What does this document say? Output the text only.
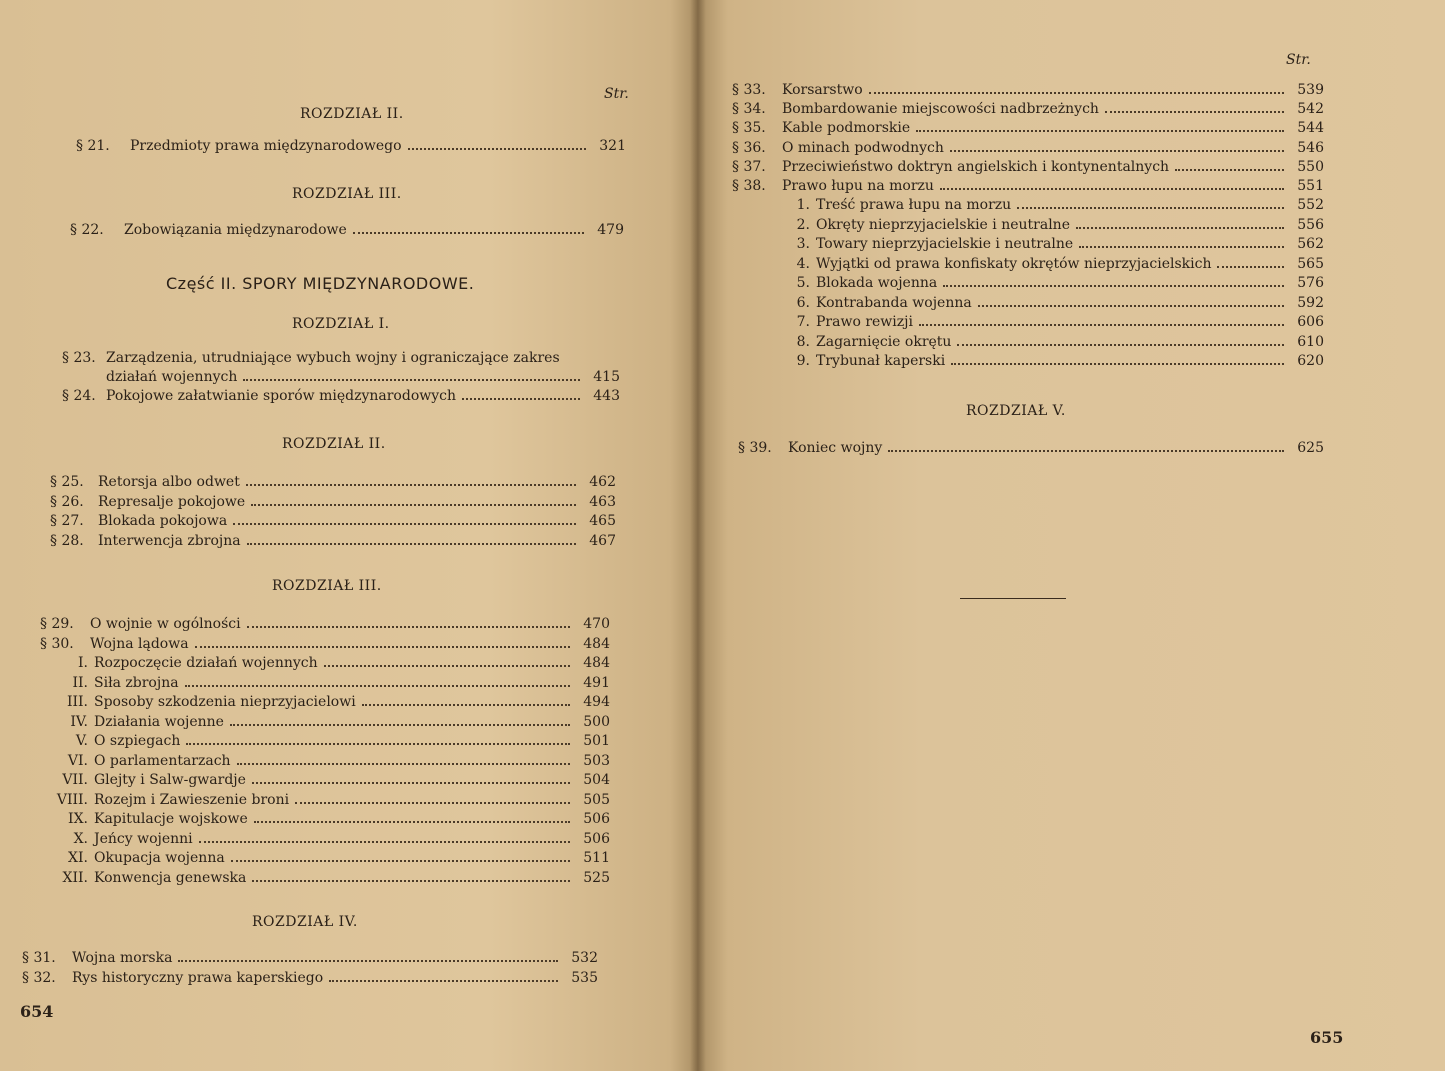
Str.
ROZDZIAŁ II.
§ 21.	Przedmioty prawa międzynarodowego	321
ROZDZIAŁ III.
§ 22.	Zobowiązania międzynarodowe	479
Część II. SPORY MIĘDZYNARODOWE.
ROZDZIAŁ I.
§ 23. Zarządzenia, utrudniające wybuch wojny i ograniczające zakres
działań wojennych	415
§ 24. Pokojowe załatwianie sporów międzynarodowych	443
ROZDZIAŁ II.
§ 25.	Retorsja albo odwet	462
§ 26.	Represalje pokojowe	463
§ 27.	Blokada pokojowa	465
§ 28.	Interwencja zbrojna	467
ROZDZIAŁ III.
§ 29.	O wojnie w ogólności	470
§ 30.	Wojna lądowa	484
I. Rozpoczęcie działań wojennych	484
II. Siła zbrojna	491
III. Sposoby szkodzenia nieprzyjacielowi	494
IV. Działania wojenne	500
V. O szpiegach	501
VI. O parlamentarzach	503
VII. Glejty i Salw-gwardje	504
VIII. Rozejm i Zawieszenie broni	505
IX. Kapitulacje wojskowe	506
X. Jeńcy wojenni	506
XI. Okupacja wojenna	511
XII. Konwencja genewska	525
ROZDZIAŁ IV.
§ 31.	Wojna morska	532
§ 32.	Rys historyczny prawa kaperskiego	535
654
Str.
§ 33.	Korsarstwo	539
§ 34.	Bombardowanie miejscowości nadbrzeżnych	542
§ 35.	Kable podmorskie	544
§ 36.	O minach podwodnych	546
§ 37.	Przeciwieństwo doktryn angielskich i kontynentalnych	550
§ 38.	Prawo łupu na morzu	551
1. Treść prawa łupu na morzu	552
2. Okręty nieprzyjacielskie i neutralne	556
3. Towary nieprzyjacielskie i neutralne	562
4. Wyjątki od prawa konfiskaty okrętów nieprzyjacielskich	565
5. Blokada wojenna	576
6. Kontrabanda wojenna	592
7. Prawo rewizji	606
8. Zagarnięcie okrętu	610
9. Trybunał kaperski	620
ROZDZIAŁ V.
§ 39.	Koniec wojny	625
655
